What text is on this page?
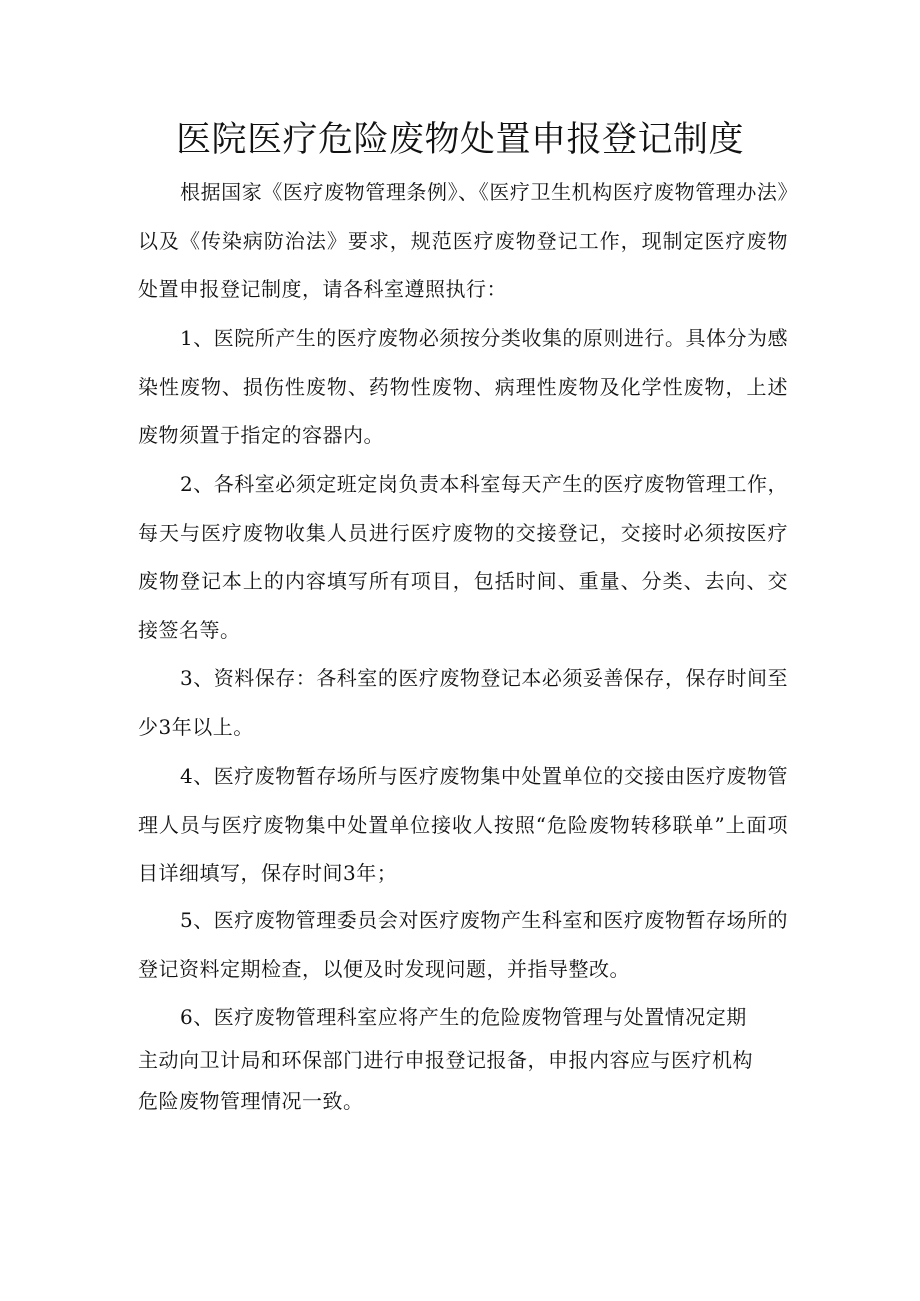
医院医疗危险废物处置申报登记制度

根据国家《医疗废物管理条例》、《医疗卫生机构医疗废物管理办法》以及《传染病防治法》要求，规范医疗废物登记工作，现制定医疗废物处置申报登记制度，请各科室遵照执行：

1、医院所产生的医疗废物必须按分类收集的原则进行。具体分为感染性废物、损伤性废物、药物性废物、病理性废物及化学性废物，上述废物须置于指定的容器内。

2、各科室必须定班定岗负责本科室每天产生的医疗废物管理工作，每天与医疗废物收集人员进行医疗废物的交接登记，交接时必须按医疗废物登记本上的内容填写所有项目，包括时间、重量、分类、去向、交接签名等。

3、资料保存：各科室的医疗废物登记本必须妥善保存，保存时间至少3年以上。

4、医疗废物暂存场所与医疗废物集中处置单位的交接由医疗废物管理人员与医疗废物集中处置单位接收人按照“危险废物转移联单”上面项目详细填写，保存时间3年；

5、医疗废物管理委员会对医疗废物产生科室和医疗废物暂存场所的登记资料定期检查，以便及时发现问题，并指导整改。

6、医疗废物管理科室应将产生的危险废物管理与处置情况定期
主动向卫计局和环保部门进行申报登记报备，申报内容应与医疗机构
危险废物管理情况一致。
